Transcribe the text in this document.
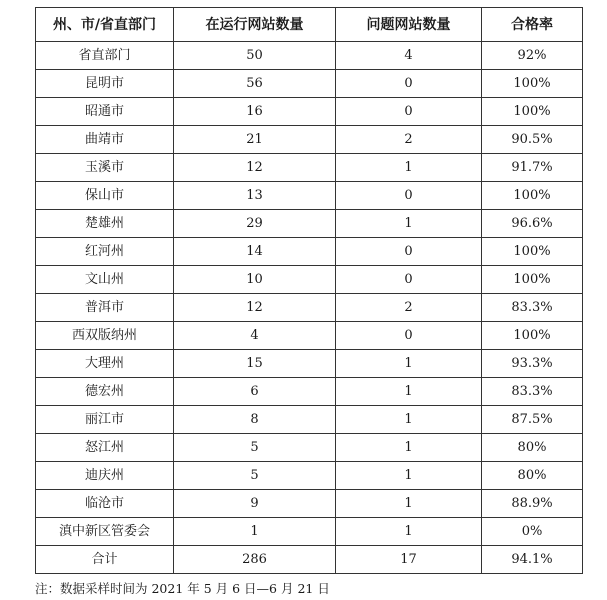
州、市/省直部门	在运行网站数量	问题网站数量	合格率
省直部门	50	4	92%
昆明市	56	0	100%
昭通市	16	0	100%
曲靖市	21	2	90.5%
玉溪市	12	1	91.7%
保山市	13	0	100%
楚雄州	29	1	96.6%
红河州	14	0	100%
文山州	10	0	100%
普洱市	12	2	83.3%
西双版纳州	4	0	100%
大理州	15	1	93.3%
德宏州	6	1	83.3%
丽江市	8	1	87.5%
怒江州	5	1	80%
迪庆州	5	1	80%
临沧市	9	1	88.9%
滇中新区管委会	1	1	0%
合计	286	17	94.1%
注：数据采样时间为 2021 年 5 月 6 日—6 月 21 日
